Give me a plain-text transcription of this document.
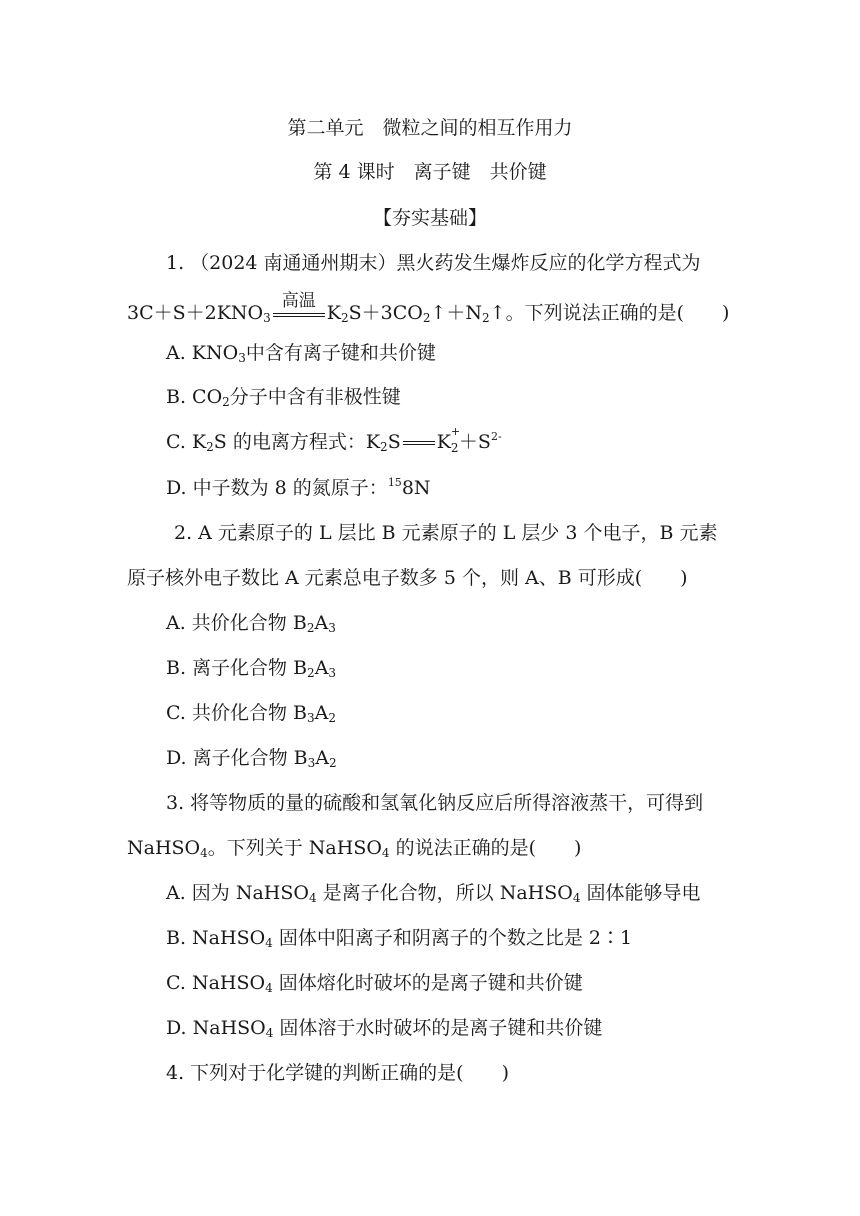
第二单元　微粒之间的相互作用力
第 4 课时　离子键　共价键
【夯实基础】
1. （2024 南通通州期末）黑火药发生爆炸反应的化学方程式为
$3C+S+2KNO_3$
高温
$K_2S+3CO_2↑+N_2↑$。下列说法正确的是(　　)
A. $KNO_3$中含有离子键和共价键
B. $CO_2$分子中含有非极性键
C. $K_2S$ 的电离方程式：$K_2S$ K +
$2 +S^{2-}$
D. 中子数为 8 的氮原子：$^{15}$8N
2. A 元素原子的 L 层比 B 元素原子的 L 层少 3 个电子，B 元素
原子核外电子数比 A 元素总电子数多 5 个，则 A、B 可形成(　　)
A. 共价化合物 $B_2A_3$
B. 离子化合物 $B_2A_3$
C. 共价化合物 $B_3A_2$
D. 离子化合物 $B_3A_2$
3. 将等物质的量的硫酸和氢氧化钠反应后所得溶液蒸干，可得到
NaHSO$_4$。下列关于 NaHSO$_4$ 的说法正确的是(　　)
A. 因为 NaHSO$_4$ 是离子化合物，所以 NaHSO$_4$ 固体能够导电
B. NaHSO$_4$ 固体中阳离子和阴离子的个数之比是 2∶1
C. NaHSO$_4$ 固体熔化时破坏的是离子键和共价键
D. NaHSO$_4$ 固体溶于水时破坏的是离子键和共价键
4. 下列对于化学键的判断正确的是(　　)
